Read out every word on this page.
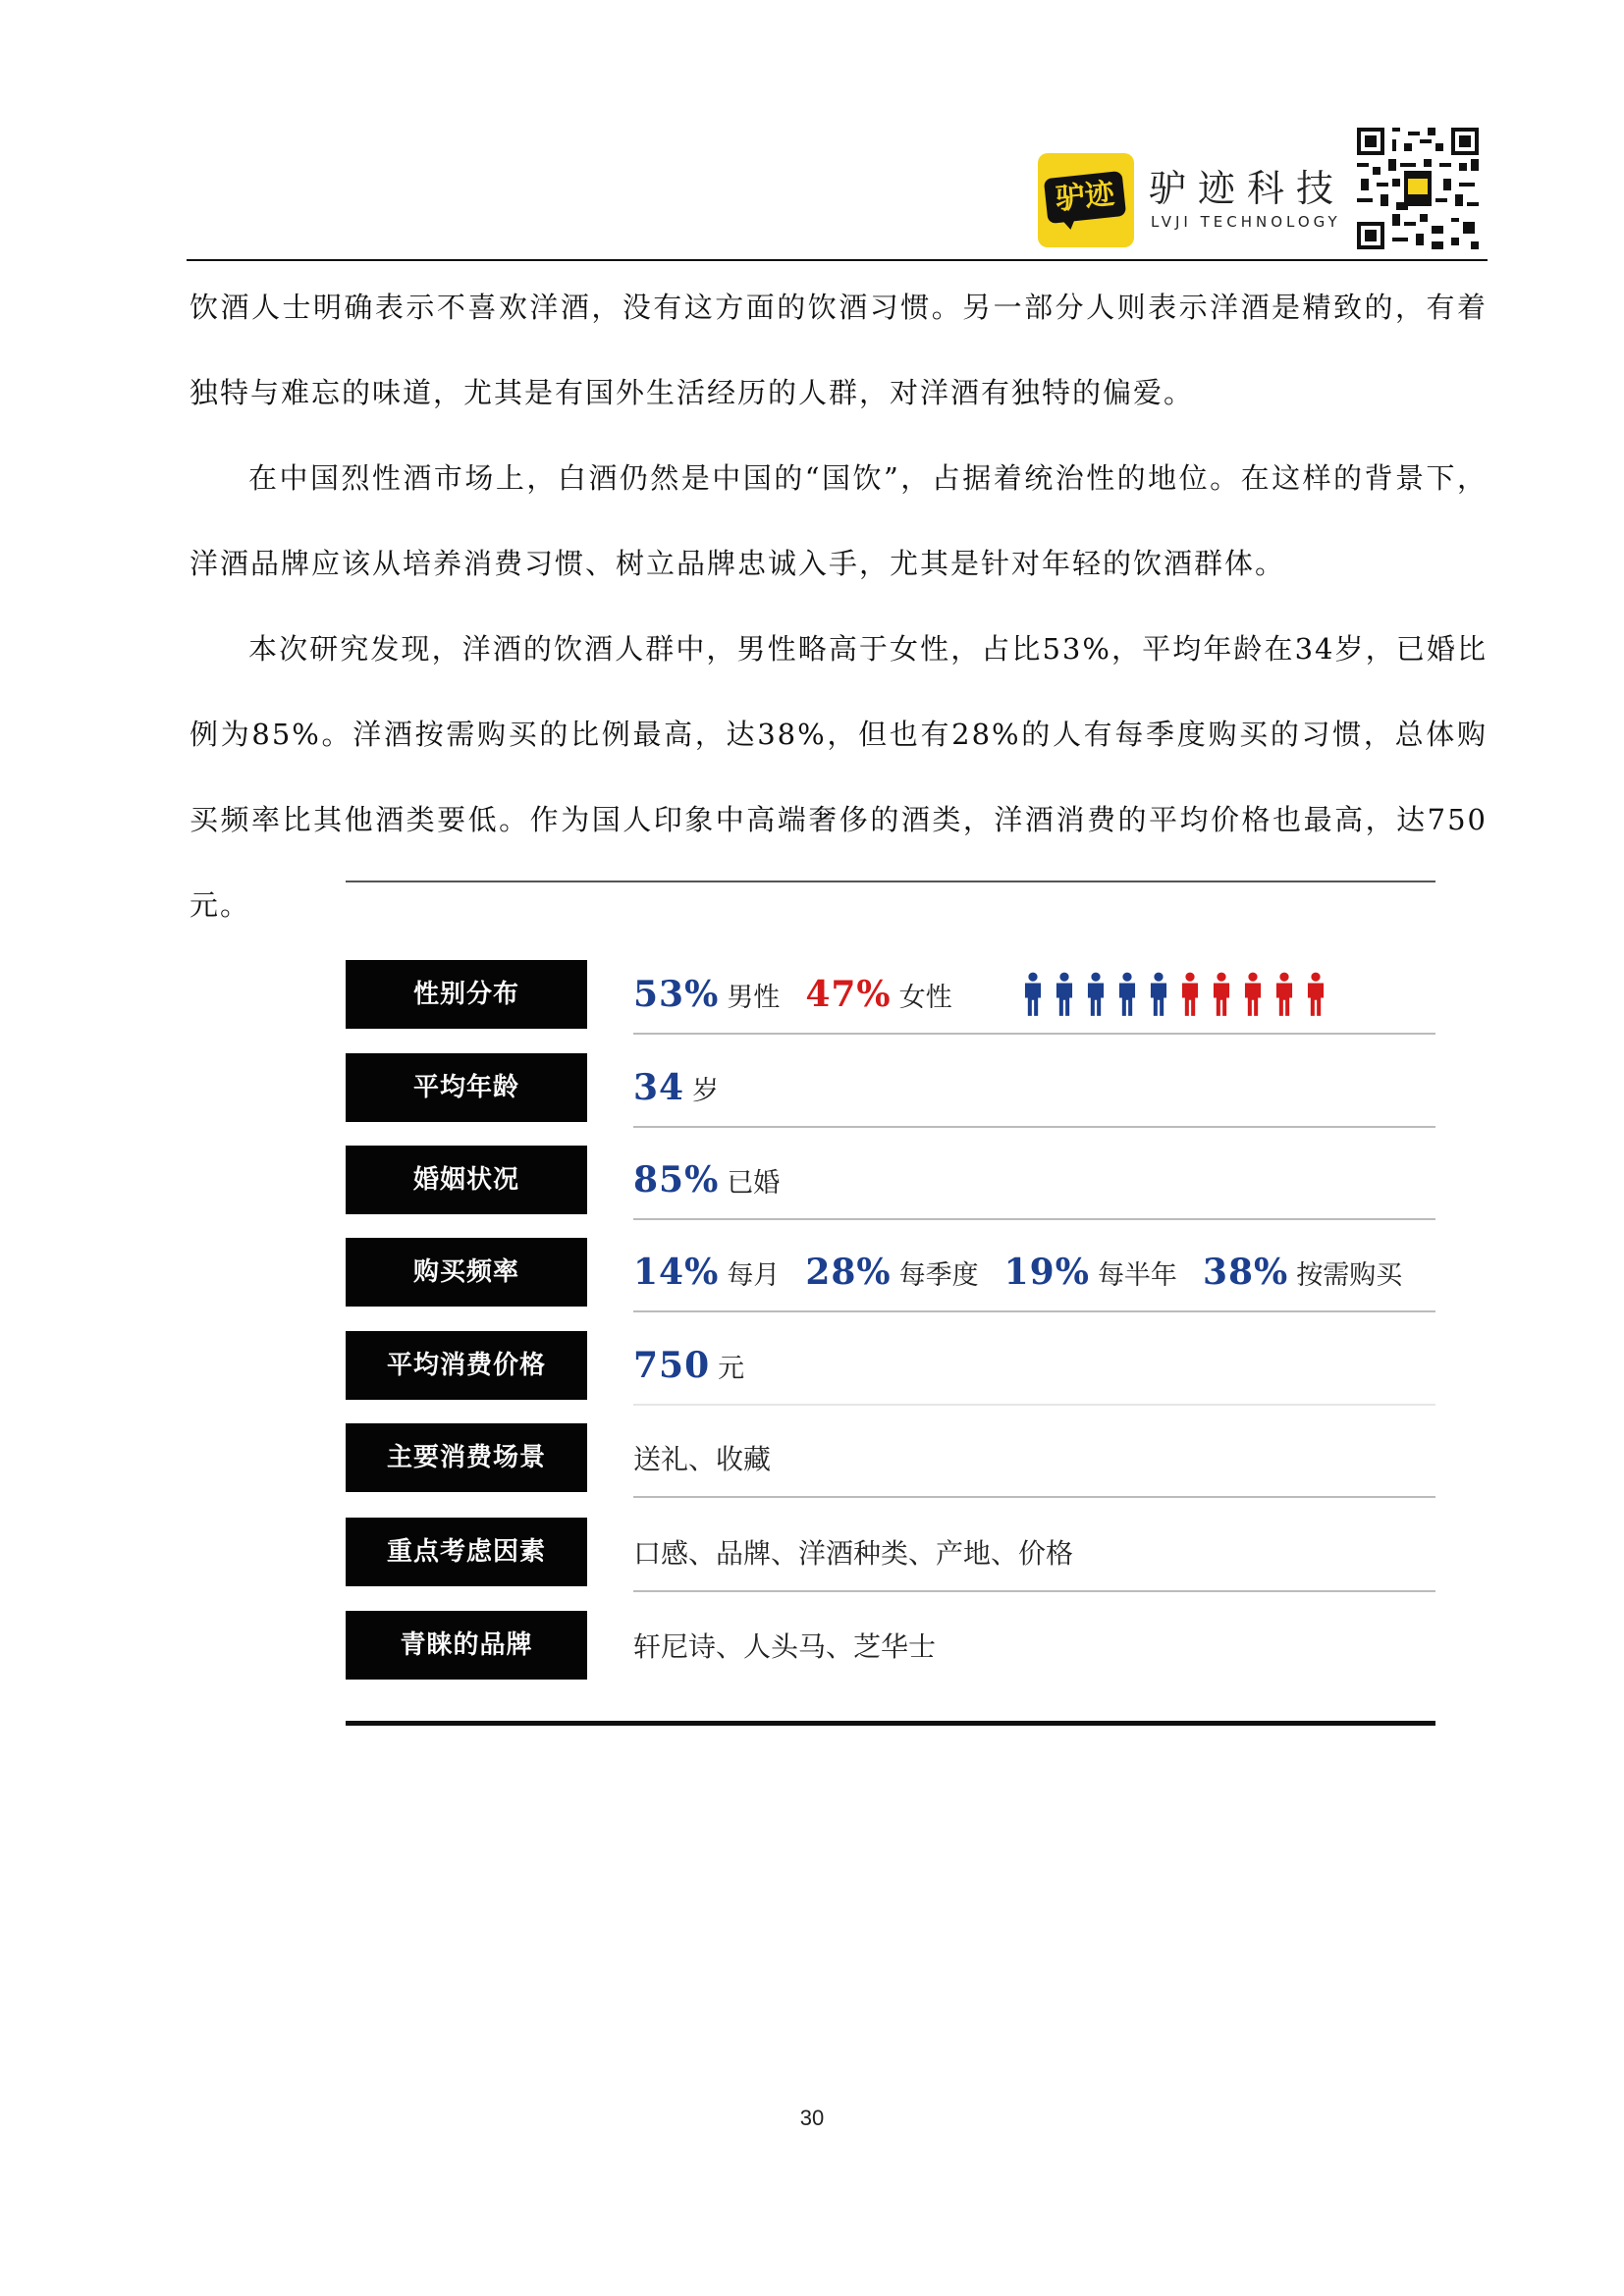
驴迹 驴迹科技
LVJI TECHNOLOGY

饮酒人士明确表示不喜欢洋酒，没有这方面的饮酒习惯。另一部分人则表示洋酒是精致的，有着独特与难忘的味道，尤其是有国外生活经历的人群，对洋酒有独特的偏爱。

在中国烈性酒市场上，白酒仍然是中国的“国饮”，占据着统治性的地位。在这样的背景下，洋酒品牌应该从培养消费习惯、树立品牌忠诚入手，尤其是针对年轻的饮酒群体。

本次研究发现，洋酒的饮酒人群中，男性略高于女性，占比53%，平均年龄在34岁，已婚比例为85%。洋酒按需购买的比例最高，达38%，但也有28%的人有每季度购买的习惯，总体购买频率比其他酒类要低。作为国人印象中高端奢侈的酒类，洋酒消费的平均价格也最高，达750元。

性别分布	53% 男性 47% 女性
平均年龄	34 岁
婚姻状况	85% 已婚
购买频率	14% 每月 28% 每季度 19% 每半年 38% 按需购买
平均消费价格	750 元
主要消费场景	送礼、收藏
重点考虑因素	口感、品牌、洋酒种类、产地、价格
青睐的品牌	轩尼诗、人头马、芝华士
30
